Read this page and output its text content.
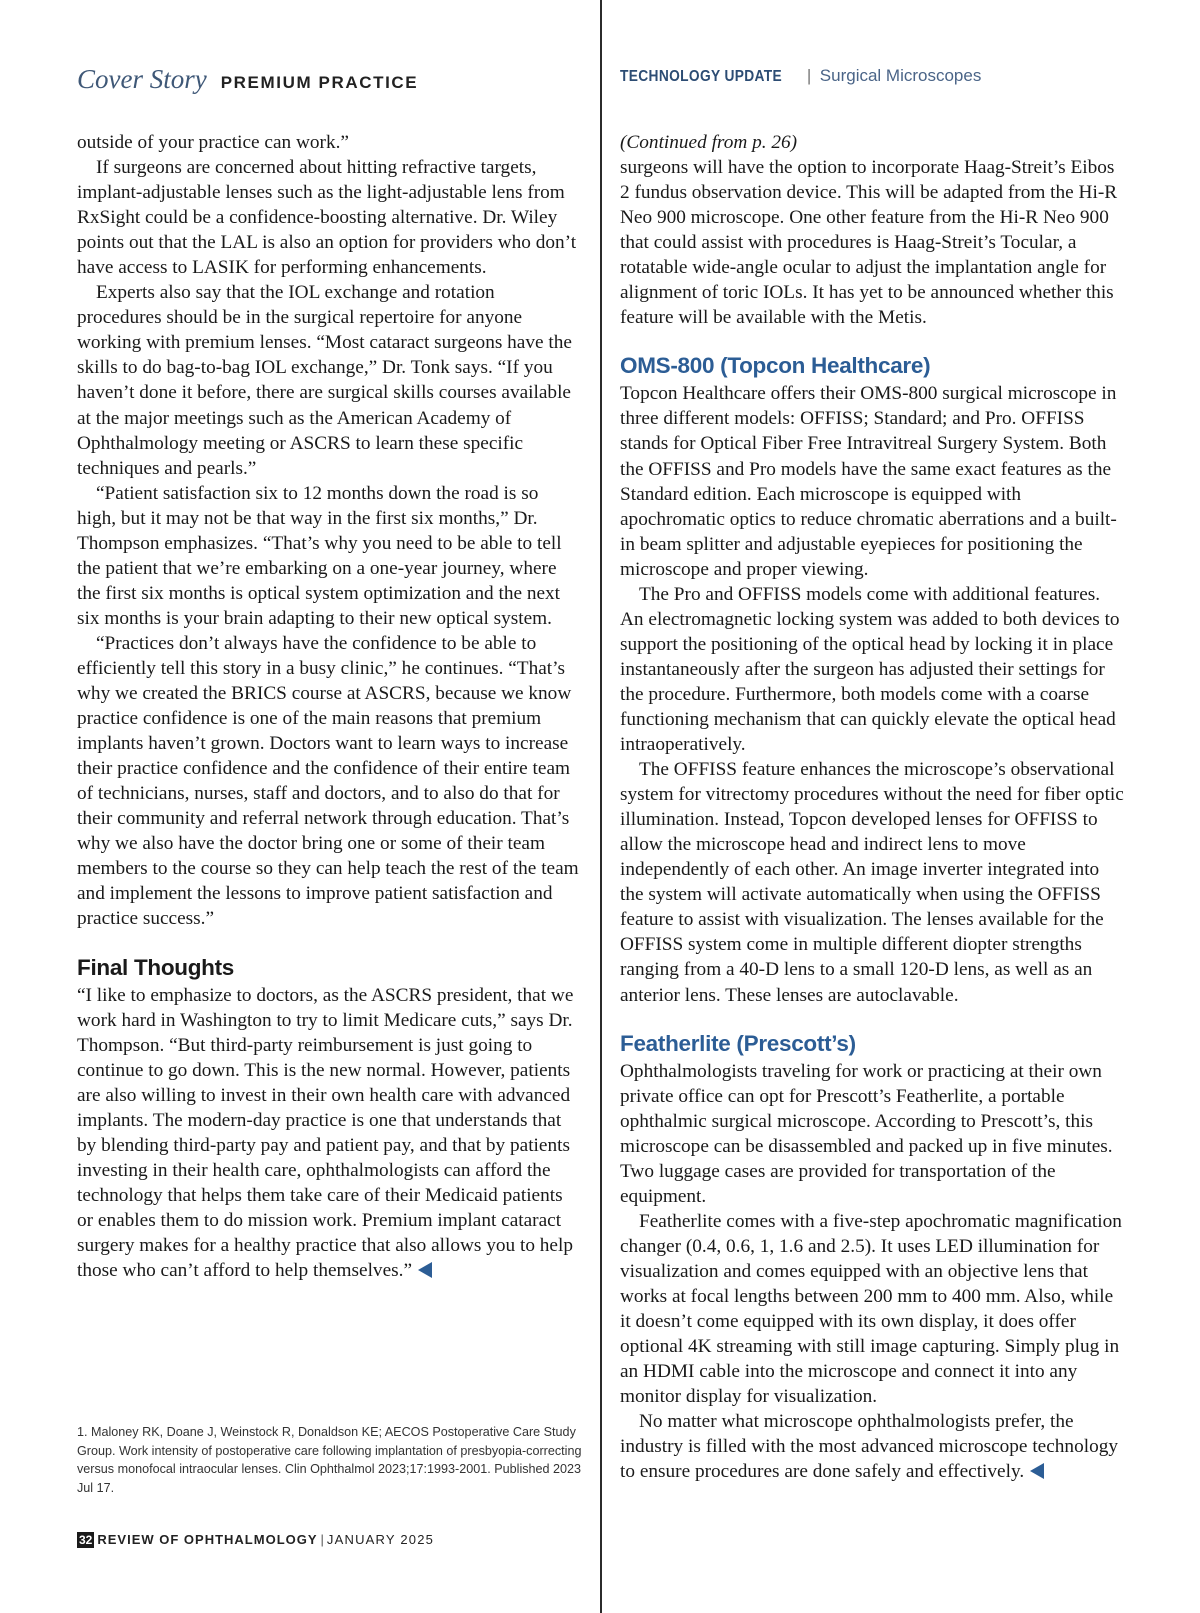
Cover Story PREMIUM PRACTICE	TECHNOLOGY UPDATE | Surgical Microscopes

outside of your practice can work.”

If surgeons are concerned about hitting refractive targets, implant-adjustable lenses such as the light-adjustable lens from RxSight could be a confidence-boosting alternative. Dr. Wiley points out that the LAL is also an option for providers who don’t have access to LASIK for performing enhancements.

Experts also say that the IOL exchange and rotation procedures should be in the surgical repertoire for anyone working with premium lenses. “Most cataract surgeons have the skills to do bag-to-bag IOL exchange,” Dr. Tonk says. “If you haven’t done it before, there are surgical skills courses available at the major meetings such as the American Academy of Ophthalmology meeting or ASCRS to learn these specific techniques and pearls.”

“Patient satisfaction six to 12 months down the road is so high, but it may not be that way in the first six months,” Dr. Thompson emphasizes. “That’s why you need to be able to tell the patient that we’re embarking on a one-year journey, where the first six months is optical system optimization and the next six months is your brain adapting to their new optical system.

“Practices don’t always have the confidence to be able to efficiently tell this story in a busy clinic,” he continues. “That’s why we created the BRICS course at ASCRS, because we know practice confidence is one of the main reasons that premium implants haven’t grown. Doctors want to learn ways to increase their practice confidence and the confidence of their entire team of technicians, nurses, staff and doctors, and to also do that for their community and referral network through education. That’s why we also have the doctor bring one or some of their team members to the course so they can help teach the rest of the team and implement the lessons to improve patient satisfaction and practice success.”

Final Thoughts

“I like to emphasize to doctors, as the ASCRS president, that we work hard in Washington to try to limit Medicare cuts,” says Dr. Thompson. “But third-party reimbursement is just going to continue to go down. This is the new normal. However, patients are also willing to invest in their own health care with advanced implants. The modern-day practice is one that understands that by blending third-party pay and patient pay, and that by patients investing in their health care, ophthalmologists can afford the technology that helps them take care of their Medicaid patients or enables them to do mission work. Premium implant cataract surgery makes for a healthy practice that also allows you to help those who can’t afford to help themselves.”

1. Maloney RK, Doane J, Weinstock R, Donaldson KE; AECOS Postoperative Care Study Group. Work intensity of postoperative care following implantation of presbyopia-correcting versus monofocal intraocular lenses. Clin Ophthalmol 2023;17:1993-2001. Published 2023 Jul 17.

(Continued from p. 26)

surgeons will have the option to incorporate Haag-Streit’s Eibos 2 fundus observation device. This will be adapted from the Hi-R Neo 900 microscope. One other feature from the Hi-R Neo 900 that could assist with procedures is Haag-Streit’s Tocular, a rotatable wide-angle ocular to adjust the implantation angle for alignment of toric IOLs. It has yet to be announced whether this feature will be available with the Metis.

OMS-800 (Topcon Healthcare)

Topcon Healthcare offers their OMS-800 surgical microscope in three different models: OFFISS; Standard; and Pro. OFFISS stands for Optical Fiber Free Intravitreal Surgery System. Both the OFFISS and Pro models have the same exact features as the Standard edition. Each microscope is equipped with apochromatic optics to reduce chromatic aberrations and a built-in beam splitter and adjustable eyepieces for positioning the microscope and proper viewing.

The Pro and OFFISS models come with additional features. An electromagnetic locking system was added to both devices to support the positioning of the optical head by locking it in place instantaneously after the surgeon has adjusted their settings for the procedure. Furthermore, both models come with a coarse functioning mechanism that can quickly elevate the optical head intraoperatively.

The OFFISS feature enhances the microscope’s observational system for vitrectomy procedures without the need for fiber optic illumination. Instead, Topcon developed lenses for OFFISS to allow the microscope head and indirect lens to move independently of each other. An image inverter integrated into the system will activate automatically when using the OFFISS feature to assist with visualization. The lenses available for the OFFISS system come in multiple different diopter strengths ranging from a 40-D lens to a small 120-D lens, as well as an anterior lens. These lenses are autoclavable.

Featherlite (Prescott’s)

Ophthalmologists traveling for work or practicing at their own private office can opt for Prescott’s Featherlite, a portable ophthalmic surgical microscope. According to Prescott’s, this microscope can be disassembled and packed up in five minutes. Two luggage cases are provided for transportation of the equipment.

Featherlite comes with a five-step apochromatic magnification changer (0.4, 0.6, 1, 1.6 and 2.5). It uses LED illumination for visualization and comes equipped with an objective lens that works at focal lengths between 200 mm to 400 mm. Also, while it doesn’t come equipped with its own display, it does offer optional 4K streaming with still image capturing. Simply plug in an HDMI cable into the microscope and connect it into any monitor display for visualization.

No matter what microscope ophthalmologists prefer, the industry is filled with the most advanced microscope technology to ensure procedures are done safely and effectively.

32 REVIEW OF OPHTHALMOLOGY | JANUARY 2025
